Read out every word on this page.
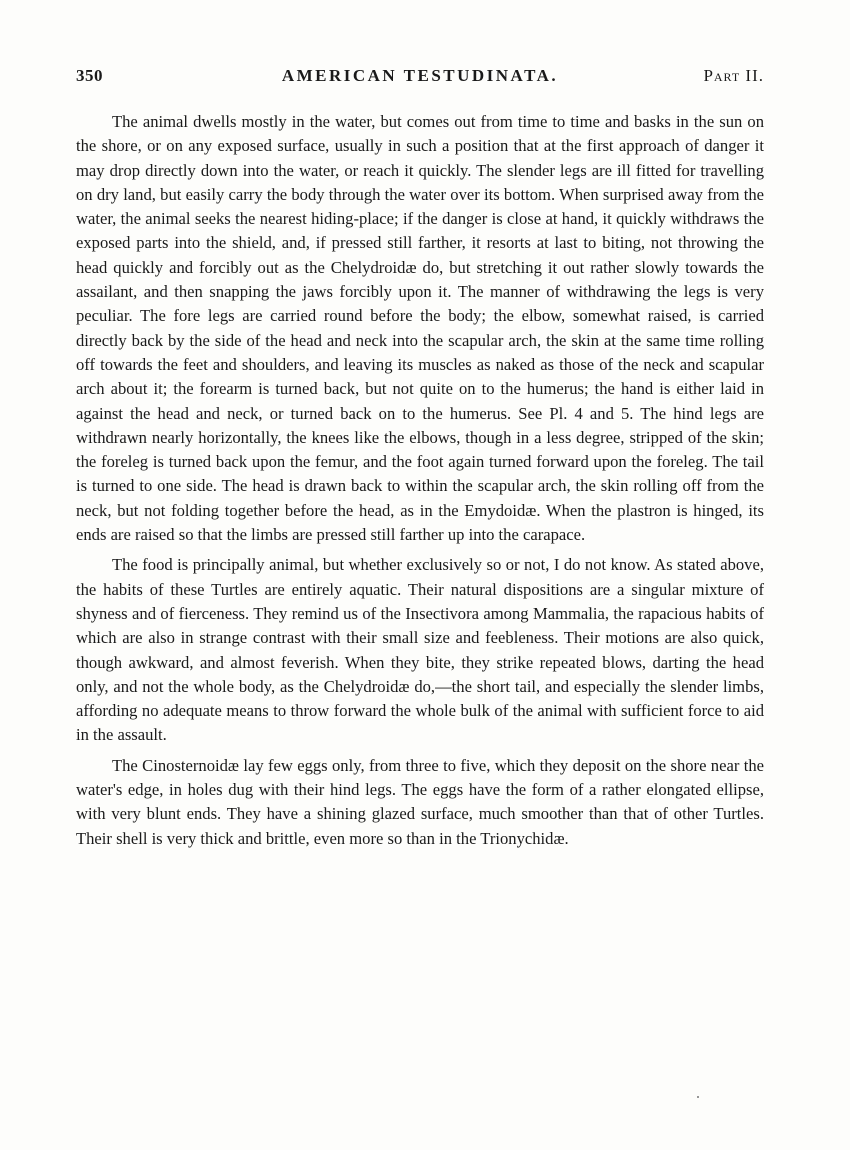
350	AMERICAN TESTUDINATA.	Part II.

The animal dwells mostly in the water, but comes out from time to time and basks in the sun on the shore, or on any exposed surface, usually in such a position that at the first approach of danger it may drop directly down into the water, or reach it quickly. The slender legs are ill fitted for travelling on dry land, but easily carry the body through the water over its bottom. When surprised away from the water, the animal seeks the nearest hiding-place; if the danger is close at hand, it quickly withdraws the exposed parts into the shield, and, if pressed still farther, it resorts at last to biting, not throwing the head quickly and forcibly out as the Chelydroidæ do, but stretching it out rather slowly towards the assailant, and then snapping the jaws forcibly upon it. The manner of withdrawing the legs is very peculiar. The fore legs are carried round before the body; the elbow, somewhat raised, is carried directly back by the side of the head and neck into the scapular arch, the skin at the same time rolling off towards the feet and shoulders, and leaving its muscles as naked as those of the neck and scapular arch about it; the forearm is turned back, but not quite on to the humerus; the hand is either laid in against the head and neck, or turned back on to the humerus. See Pl. 4 and 5. The hind legs are withdrawn nearly horizontally, the knees like the elbows, though in a less degree, stripped of the skin; the foreleg is turned back upon the femur, and the foot again turned forward upon the foreleg. The tail is turned to one side. The head is drawn back to within the scapular arch, the skin rolling off from the neck, but not folding together before the head, as in the Emydoidæ. When the plastron is hinged, its ends are raised so that the limbs are pressed still farther up into the carapace.

The food is principally animal, but whether exclusively so or not, I do not know. As stated above, the habits of these Turtles are entirely aquatic. Their natural dispositions are a singular mixture of shyness and of fierceness. They remind us of the Insectivora among Mammalia, the rapacious habits of which are also in strange contrast with their small size and feebleness. Their motions are also quick, though awkward, and almost feverish. When they bite, they strike repeated blows, darting the head only, and not the whole body, as the Chelydroidæ do,—the short tail, and especially the slender limbs, affording no adequate means to throw forward the whole bulk of the animal with sufficient force to aid in the assault.

The Cinosternoidæ lay few eggs only, from three to five, which they deposit on the shore near the water's edge, in holes dug with their hind legs. The eggs have the form of a rather elongated ellipse, with very blunt ends. They have a shining glazed surface, much smoother than that of other Turtles. Their shell is very thick and brittle, even more so than in the Trionychidæ.
